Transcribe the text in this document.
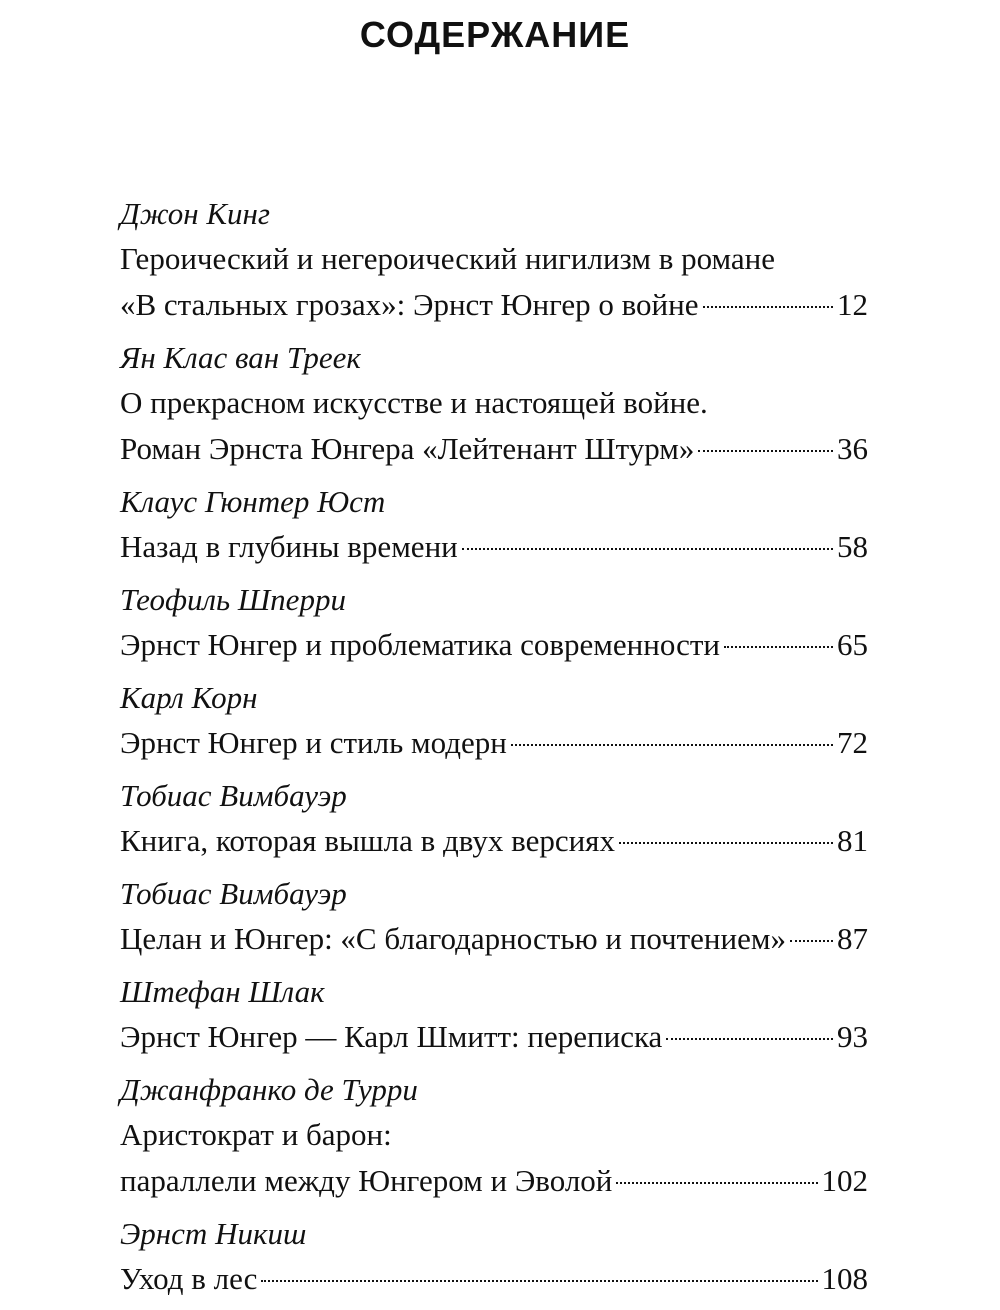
СОДЕРЖАНИЕ
Джон Кинг
Героический и негероический нигилизм в романе
«В стальных грозах»: Эрнст Юнгер о войне	12
Ян Клас ван Треек
О прекрасном искусстве и настоящей войне.
Роман Эрнста Юнгера «Лейтенант Штурм»	36
Клаус Гюнтер Юст
Назад в глубины времени	58
Теофиль Шперри
Эрнст Юнгер и проблематика современности	65
Карл Корн
Эрнст Юнгер и стиль модерн	72
Тобиас Вимбауэр
Книга, которая вышла в двух версиях	81
Тобиас Вимбауэр
Целан и Юнгер: «С благодарностью и почтением» 87
Штефан Шлак
Эрнст Юнгер — Карл Шмитт: переписка	93
Джанфранко де Турри
Аристократ и барон:
параллели между Юнгером и Эволой	102
Эрнст Никиш
Уход в лес	108
